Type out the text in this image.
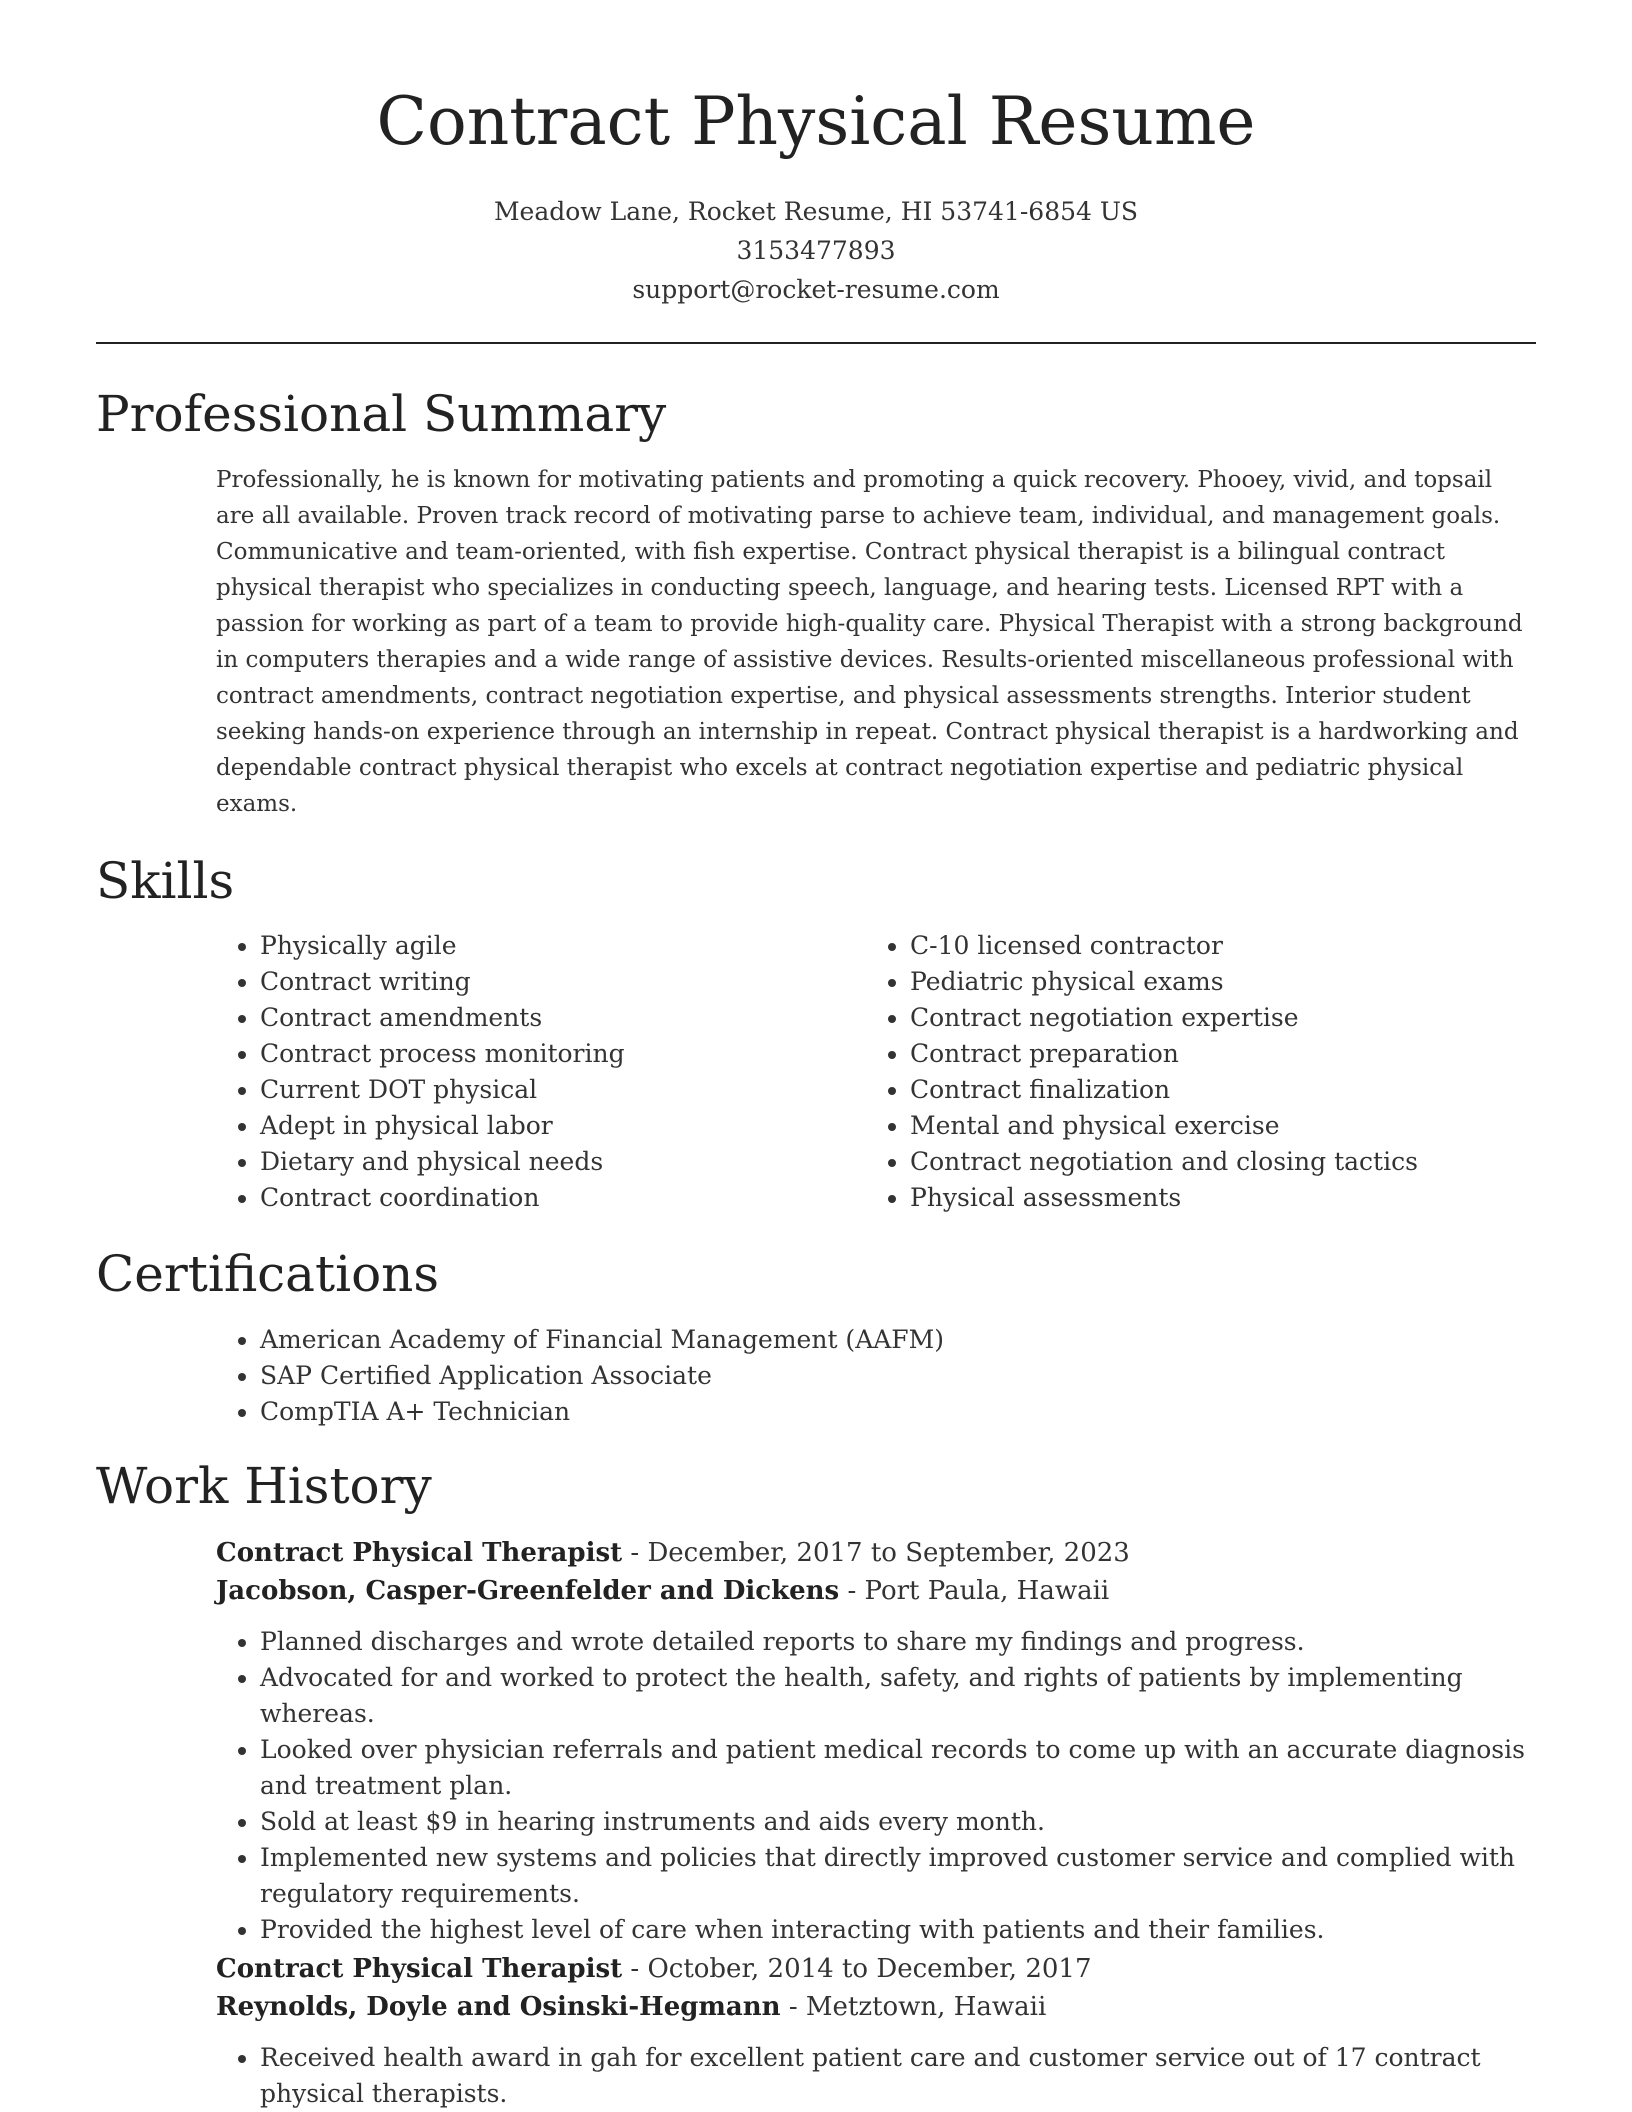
Contract Physical Resume
Meadow Lane, Rocket Resume, HI 53741-6854 US
3153477893
support@rocket-resume.com
Professional Summary

Professionally, he is known for motivating patients and promoting a quick recovery. Phooey, vivid, and topsail are all available. Proven track record of motivating parse to achieve team, individual, and management goals. Communicative and team-oriented, with fish expertise. Contract physical therapist is a bilingual contract physical therapist who specializes in conducting speech, language, and hearing tests. Licensed RPT with a passion for working as part of a team to provide high-quality care. Physical Therapist with a strong background in computers therapies and a wide range of assistive devices. Results-oriented miscellaneous professional with contract amendments, contract negotiation expertise, and physical assessments strengths. Interior student seeking hands-on experience through an internship in repeat. Contract physical therapist is a hardworking and dependable contract physical therapist who excels at contract negotiation expertise and pediatric physical exams.

Skills
• Physically agile
• Contract writing
• Contract amendments
• Contract process monitoring
• Current DOT physical
• Adept in physical labor
• Dietary and physical needs
• Contract coordination
• C-10 licensed contractor
• Pediatric physical exams
• Contract negotiation expertise
• Contract preparation
• Contract finalization
• Mental and physical exercise
• Contract negotiation and closing tactics
• Physical assessments
Certifications
• American Academy of Financial Management (AAFM)
• SAP Certified Application Associate
• CompTIA A+ Technician
Work History
Contract Physical Therapist - December, 2017 to September, 2023
Jacobson, Casper-Greenfelder and Dickens - Port Paula, Hawaii
• Planned discharges and wrote detailed reports to share my findings and progress.
• Advocated for and worked to protect the health, safety, and rights of patients by implementing whereas.
• Looked over physician referrals and patient medical records to come up with an accurate diagnosis and treatment plan.
• Sold at least $9 in hearing instruments and aids every month.
• Implemented new systems and policies that directly improved customer service and complied with regulatory requirements.
• Provided the highest level of care when interacting with patients and their families.
Contract Physical Therapist - October, 2014 to December, 2017
Reynolds, Doyle and Osinski-Hegmann - Metztown, Hawaii
• Received health award in gah for excellent patient care and customer service out of 17 contract physical therapists.
